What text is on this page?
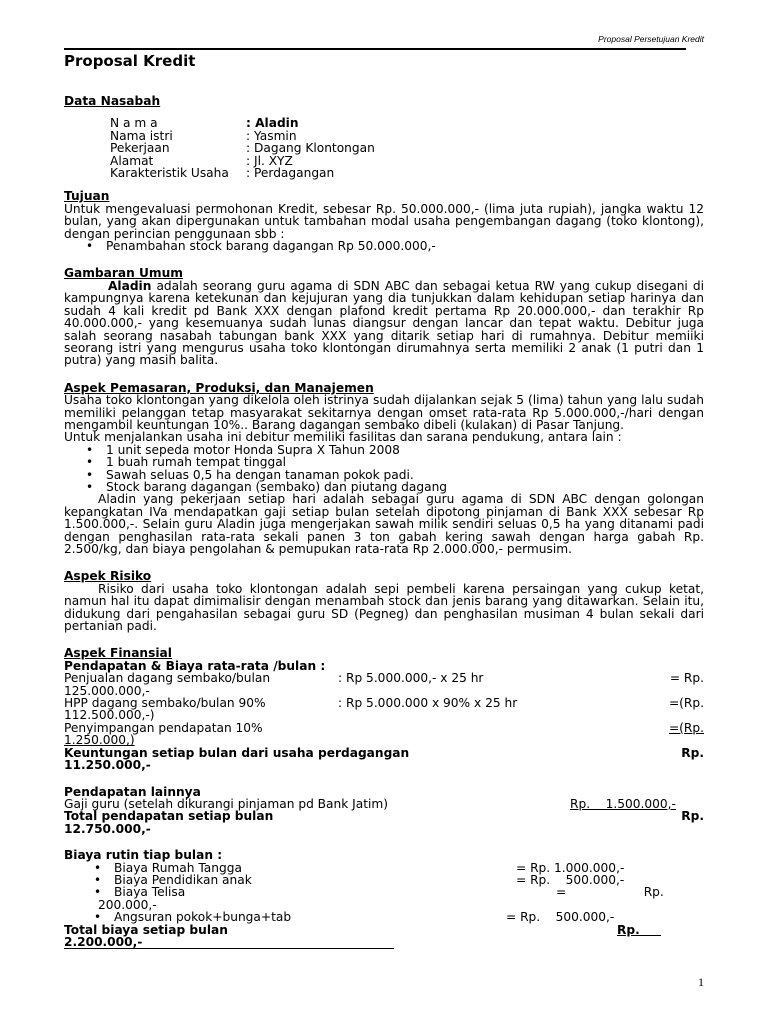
Proposal Persetujuan Kredit
Proposal Kredit
Data Nasabah
N a m a	: Aladin
Nama istri	: Yasmin
Pekerjaan	: Dagang Klontongan
Alamat	: Jl. XYZ
Karakteristik Usaha	: Perdagangan
Tujuan
Untuk mengevaluasi permohonan Kredit, sebesar Rp. 50.000.000,- (lima juta rupiah), jangka waktu 12 bulan, yang akan dipergunakan untuk tambahan modal usaha pengembangan dagang (toko klontong), dengan perincian penggunaan sbb :
• Penambahan stock barang dagangan Rp 50.000.000,-
Gambaran Umum
Aladin adalah seorang guru agama di SDN ABC dan sebagai ketua RW yang cukup disegani di kampungnya karena ketekunan dan kejujuran yang dia tunjukkan dalam kehidupan setiap harinya dan sudah 4 kali kredit pd Bank XXX dengan plafond kredit pertama Rp 20.000.000,- dan terakhir Rp 40.000.000,- yang kesemuanya sudah lunas diangsur dengan lancar dan tepat waktu. Debitur juga salah seorang nasabah tabungan bank XXX yang ditarik setiap hari di rumahnya. Debitur memiiki seorang istri yang mengurus usaha toko klontongan dirumahnya serta memiliki 2 anak (1 putri dan 1 putra) yang masih balita.
Aspek Pemasaran, Produksi, dan Manajemen
Usaha toko klontongan yang dikelola oleh istrinya sudah dijalankan sejak 5 (lima) tahun yang lalu sudah memiliki pelanggan tetap masyarakat sekitarnya dengan omset rata-rata Rp 5.000.000,-/hari dengan mengambil keuntungan 10%.. Barang dagangan sembako dibeli (kulakan) di Pasar Tanjung.
Untuk menjalankan usaha ini debitur memiliki fasilitas dan sarana pendukung, antara lain :
• 1 unit sepeda motor Honda Supra X Tahun 2008
• 1 buah rumah tempat tinggal
• Sawah seluas 0,5 ha dengan tanaman pokok padi.
• Stock barang dagangan (sembako) dan piutang dagang
Aladin yang pekerjaan setiap hari adalah sebagai guru agama di SDN ABC dengan golongan kepangkatan IVa mendapatkan gaji setiap bulan setelah dipotong pinjaman di Bank XXX sebesar Rp 1.500.000,-. Selain guru Aladin juga mengerjakan sawah milik sendiri seluas 0,5 ha yang ditanami padi dengan penghasilan rata-rata sekali panen 3 ton gabah kering sawah dengan harga gabah Rp. 2.500/kg, dan biaya pengolahan & pemupukan rata-rata Rp 2.000.000,- permusim.
Aspek Risiko
Risiko dari usaha toko klontongan adalah sepi pembeli karena persaingan yang cukup ketat, namun hal itu dapat dimimalisir dengan menambah stock dan jenis barang yang ditawarkan. Selain itu, didukung dari pengahasilan sebagai guru SD (Pegneg) dan penghasilan musiman 4 bulan sekali dari pertanian padi.
Aspek Finansial
Pendapatan & Biaya rata-rata /bulan :
Penjualan dagang sembako/bulan	: Rp 5.000.000,- x 25 hr	= Rp.
125.000.000,-
HPP dagang sembako/bulan 90%	: Rp 5.000.000 x 90% x 25 hr	=(Rp.
112.500.000,-)
Penyimpangan pendapatan 10%	=(Rp.
1.250.000,)
Keuntungan setiap bulan dari usaha perdagangan	Rp.
11.250.000,-
Pendapatan lainnya
Gaji guru (setelah dikurangi pinjaman pd Bank Jatim)	Rp.    1.500.000,-
Total pendapatan setiap bulan	Rp.
12.750.000,-
Biaya rutin tiap bulan :
• Biaya Rumah Tangga	= Rp. 1.000.000,-
• Biaya Pendidikan anak	= Rp.    500.000,-
• Biaya Telisa	=                    Rp.
200.000,-
• Angsuran pokok+bunga+tab	= Rp.    500.000,-
Total biaya setiap bulan	Rp.
2.200.000,-
1
